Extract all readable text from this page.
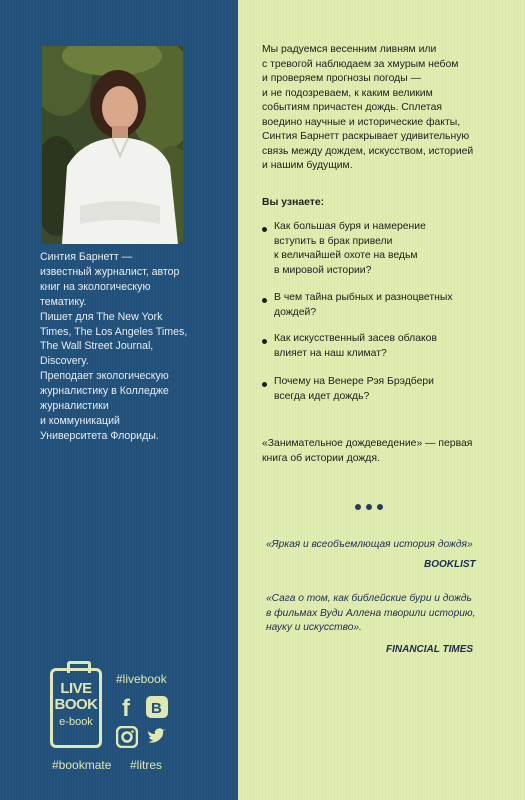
Синтия Барнетт —
известный журналист, автор
книг на экологическую
тематику.
Пишет для The New York
Times, The Los Angeles Times,
The Wall Street Journal,
Discovery.
Преподает экологическую
журналистику в Колледже
журналистики
и коммуникаций
Университета Флориды.
LIVE
BOOK
e-book
#livebook
f B
#bookmate #litres
Мы радуемся весенним ливням или
с тревогой наблюдаем за хмурым небом
и проверяем прогнозы погоды —
и не подозреваем, к каким великим
событиям причастен дождь. Сплетая
воедино научные и исторические факты,
Синтия Барнетт раскрывает удивительную
связь между дождем, искусством, историей
и нашим будущим.
Вы узнаете:
Как большая буря и намерение
вступить в брак привели
к величайшей охоте на ведьм
в мировой истории?
В чем тайна рыбных и разноцветных
дождей?
Как искусственный засев облаков
влияет на наш климат?
Почему на Венере Рэя Брэдбери
всегда идет дождь?
«Занимательное дождеведение» — первая
книга об истории дождя.
«Яркая и всеобъемлющая история дождя»
BOOKLIST
«Сага о том, как библейские бури и дождь
в фильмах Вуди Аллена творили историю,
науку и искусство».
FINANCIAL TIMES
